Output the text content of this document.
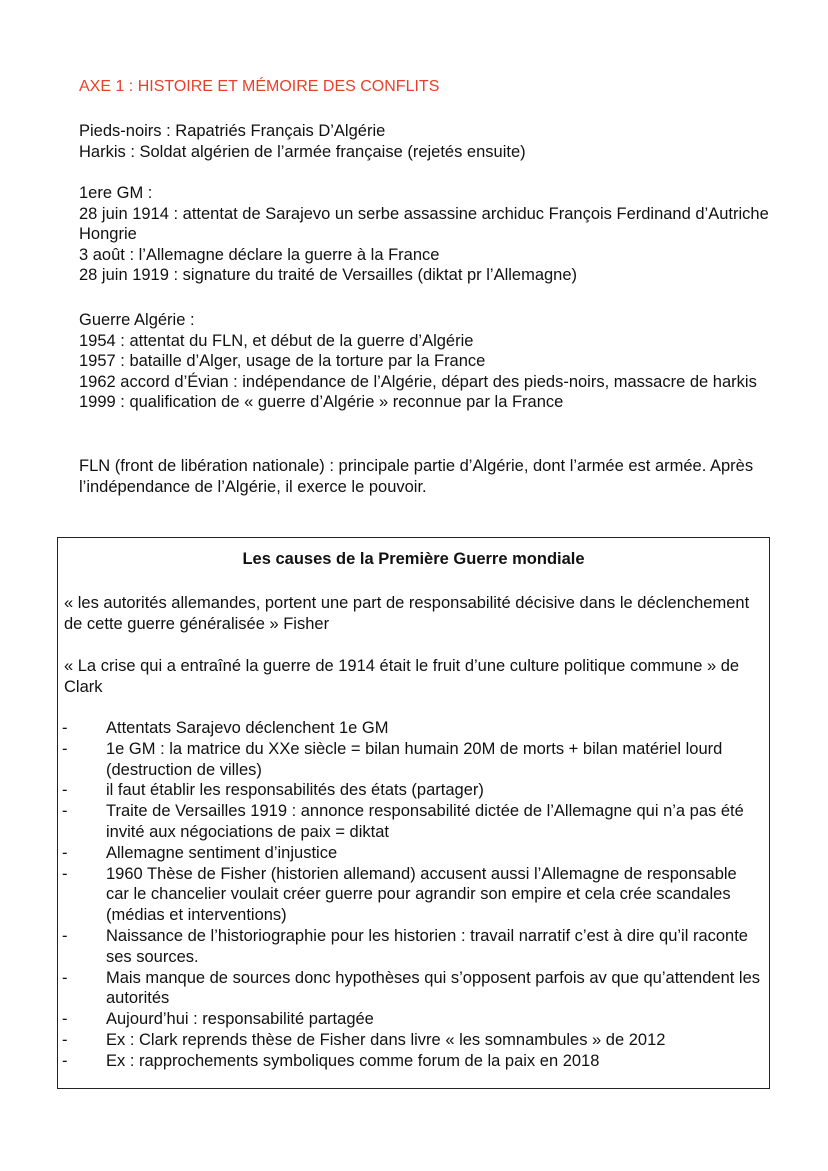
AXE 1 : HISTOIRE ET MÉMOIRE DES CONFLITS

Pieds-noirs : Rapatriés Français D’Algérie

Harkis : Soldat algérien de l’armée française (rejetés ensuite)

1ere GM :

28 juin 1914 : attentat de Sarajevo un serbe assassine archiduc François Ferdinand d’Autriche Hongrie

3 août : l’Allemagne déclare la guerre à la France

28 juin 1919 : signature du traité de Versailles (diktat pr l’Allemagne)

Guerre Algérie :

1954 : attentat du FLN, et début de la guerre d’Algérie

1957 : bataille d’Alger, usage de la torture par la France

1962 accord d’Évian : indépendance de l’Algérie, départ des pieds-noirs, massacre de harkis

1999 : qualification de « guerre d’Algérie » reconnue par la France

FLN (front de libération nationale) : principale partie d’Algérie, dont l’armée est armée. Après l’indépendance de l’Algérie, il exerce le pouvoir.

Les causes de la Première Guerre mondiale

« les autorités allemandes, portent une part de responsabilité décisive dans le déclenchement de cette guerre généralisée » Fisher

« La crise qui a entraîné la guerre de 1914 était le fruit d’une culture politique commune » de Clark

- Attentats Sarajevo déclenchent 1e GM
- 1e GM : la matrice du XXe siècle = bilan humain 20M de morts + bilan matériel lourd (destruction de villes)
- il faut établir les responsabilités des états (partager)
- Traite de Versailles 1919 : annonce responsabilité dictée de l’Allemagne qui n’a pas été invité aux négociations de paix = diktat
- Allemagne sentiment d’injustice
- 1960 Thèse de Fisher (historien allemand) accusent aussi l’Allemagne de responsable car le chancelier voulait créer guerre pour agrandir son empire et cela crée scandales (médias et interventions)
- Naissance de l’historiographie pour les historien : travail narratif c’est à dire qu’il raconte ses sources.
- Mais manque de sources donc hypothèses qui s’opposent parfois av que qu’attendent les autorités
- Aujourd’hui : responsabilité partagée
- Ex : Clark reprends thèse de Fisher dans livre « les somnambules » de 2012
- Ex : rapprochements symboliques comme forum de la paix en 2018
